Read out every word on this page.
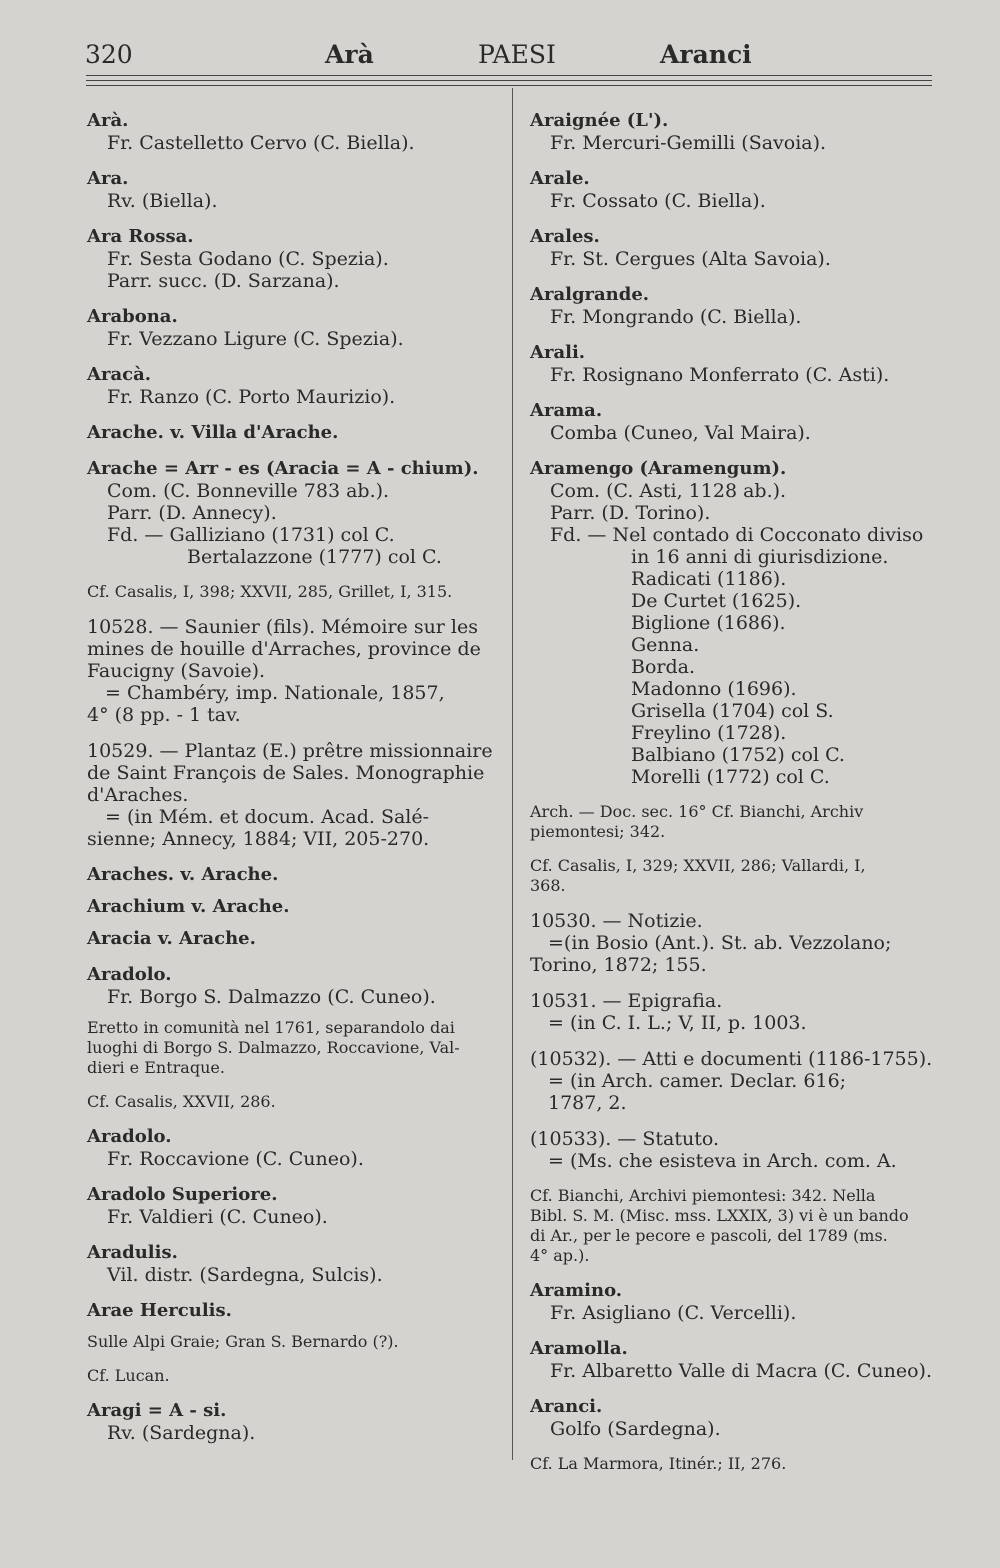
320	Arà	PAESI	Aranci
Arà.
Fr. Castelletto Cervo (C. Biella).
Ara.
Rv. (Biella).
Ara Rossa.
Fr. Sesta Godano (C. Spezia).
Parr. succ. (D. Sarzana).
Arabona.
Fr. Vezzano Ligure (C. Spezia).
Aracà.
Fr. Ranzo (C. Porto Maurizio).
Arache. v. Villa d'Arache.
Arache = Arr - es (Aracia = A - chium).
Com. (C. Bonneville 783 ab.).
Parr. (D. Annecy).
Fd. — Galliziano (1731) col C.
Bertalazzone (1777) col C.
Cf. Casalis, I, 398; XXVII, 285, Grillet, I, 315.
10528. — Saunier (fils). Mémoire sur les
mines de houille d'Arraches, province de
Faucigny (Savoie).
= Chambéry, imp. Nationale, 1857,
4° (8 pp. - 1 tav.
10529. — Plantaz (E.) prêtre missionnaire
de Saint François de Sales. Monographie
d'Araches.
= (in Mém. et docum. Acad. Salé-
sienne; Annecy, 1884; VII, 205-270.
Araches. v. Arache.
Arachium v. Arache.
Aracia v. Arache.
Aradolo.
Fr. Borgo S. Dalmazzo (C. Cuneo).
Eretto in comunità nel 1761, separandolo dai
luoghi di Borgo S. Dalmazzo, Roccavione, Val-
dieri e Entraque.
Cf. Casalis, XXVII, 286.
Aradolo.
Fr. Roccavione (C. Cuneo).
Aradolo Superiore.
Fr. Valdieri (C. Cuneo).
Aradulis.
Vil. distr. (Sardegna, Sulcis).
Arae Herculis.
Sulle Alpi Graie; Gran S. Bernardo (?).
Cf. Lucan.
Aragi = A - si.
Rv. (Sardegna).
Araignée (L').
Fr. Mercuri-Gemilli (Savoia).
Arale.
Fr. Cossato (C. Biella).
Arales.
Fr. St. Cergues (Alta Savoia).
Aralgrande.
Fr. Mongrando (C. Biella).
Arali.
Fr. Rosignano Monferrato (C. Asti).
Arama.
Comba (Cuneo, Val Maira).
Aramengo (Aramengum).
Com. (C. Asti, 1128 ab.).
Parr. (D. Torino).
Fd. — Nel contado di Cocconato diviso
in 16 anni di giurisdizione.
Radicati (1186).
De Curtet (1625).
Biglione (1686).
Genna.
Borda.
Madonno (1696).
Grisella (1704) col S.
Freylino (1728).
Balbiano (1752) col C.
Morelli (1772) col C.
Arch. — Doc. sec. 16° Cf. Bianchi, Archiv
piemontesi; 342.
Cf. Casalis, I, 329; XXVII, 286; Vallardi, I,
368.
10530. — Notizie.
=(in Bosio (Ant.). St. ab. Vezzolano;
Torino, 1872; 155.
10531. — Epigrafia.
= (in C. I. L.; V, II, p. 1003.
(10532). — Atti e documenti (1186-1755).
= (in Arch. camer. Declar. 616;
1787, 2.
(10533). — Statuto.
= (Ms. che esisteva in Arch. com. A.
Cf. Bianchi, Archivi piemontesi: 342. Nella
Bibl. S. M. (Misc. mss. LXXIX, 3) vi è un bando
di Ar., per le pecore e pascoli, del 1789 (ms.
4° ap.).
Aramino.
Fr. Asigliano (C. Vercelli).
Aramolla.
Fr. Albaretto Valle di Macra (C. Cuneo).
Aranci.
Golfo (Sardegna).
Cf. La Marmora, Itinér.; II, 276.
